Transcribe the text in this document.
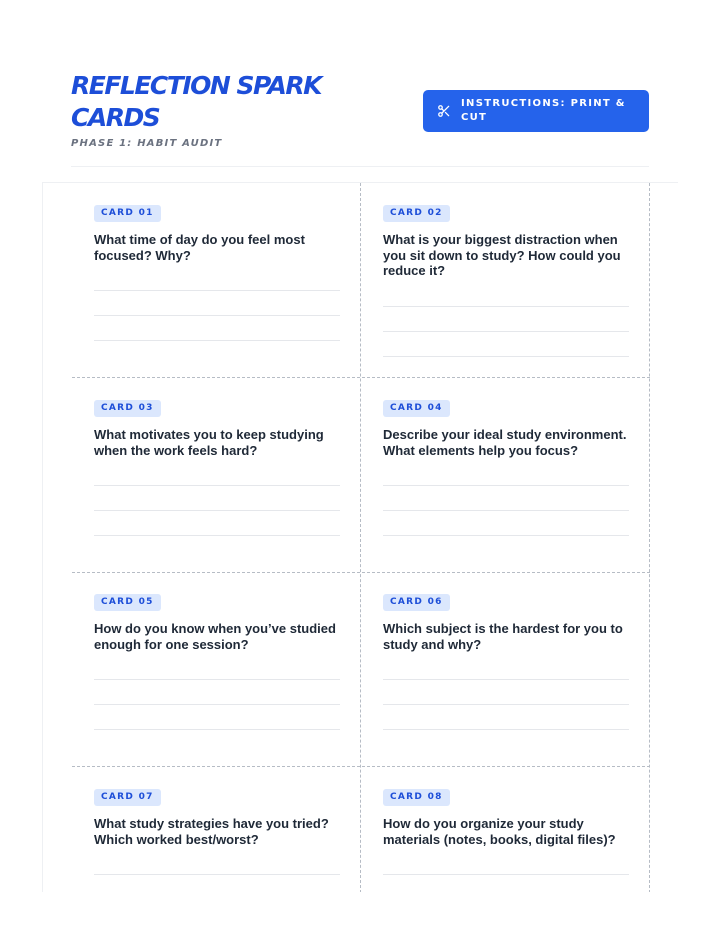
REFLECTION SPARK CARDS
PHASE 1: HABIT AUDIT
INSTRUCTIONS: PRINT & CUT
CARD 01

What time of day do you feel most focused? Why?

CARD 02

What is your biggest distraction when you sit down to study? How could you reduce it?

CARD 03

What motivates you to keep studying when the work feels hard?

CARD 04

Describe your ideal study environment. What elements help you focus?

CARD 05

How do you know when you’ve studied enough for one session?

CARD 06

Which subject is the hardest for you to study and why?

CARD 07

What study strategies have you tried? Which worked best/worst?

CARD 08

How do you organize your study materials (notes, books, digital files)?
